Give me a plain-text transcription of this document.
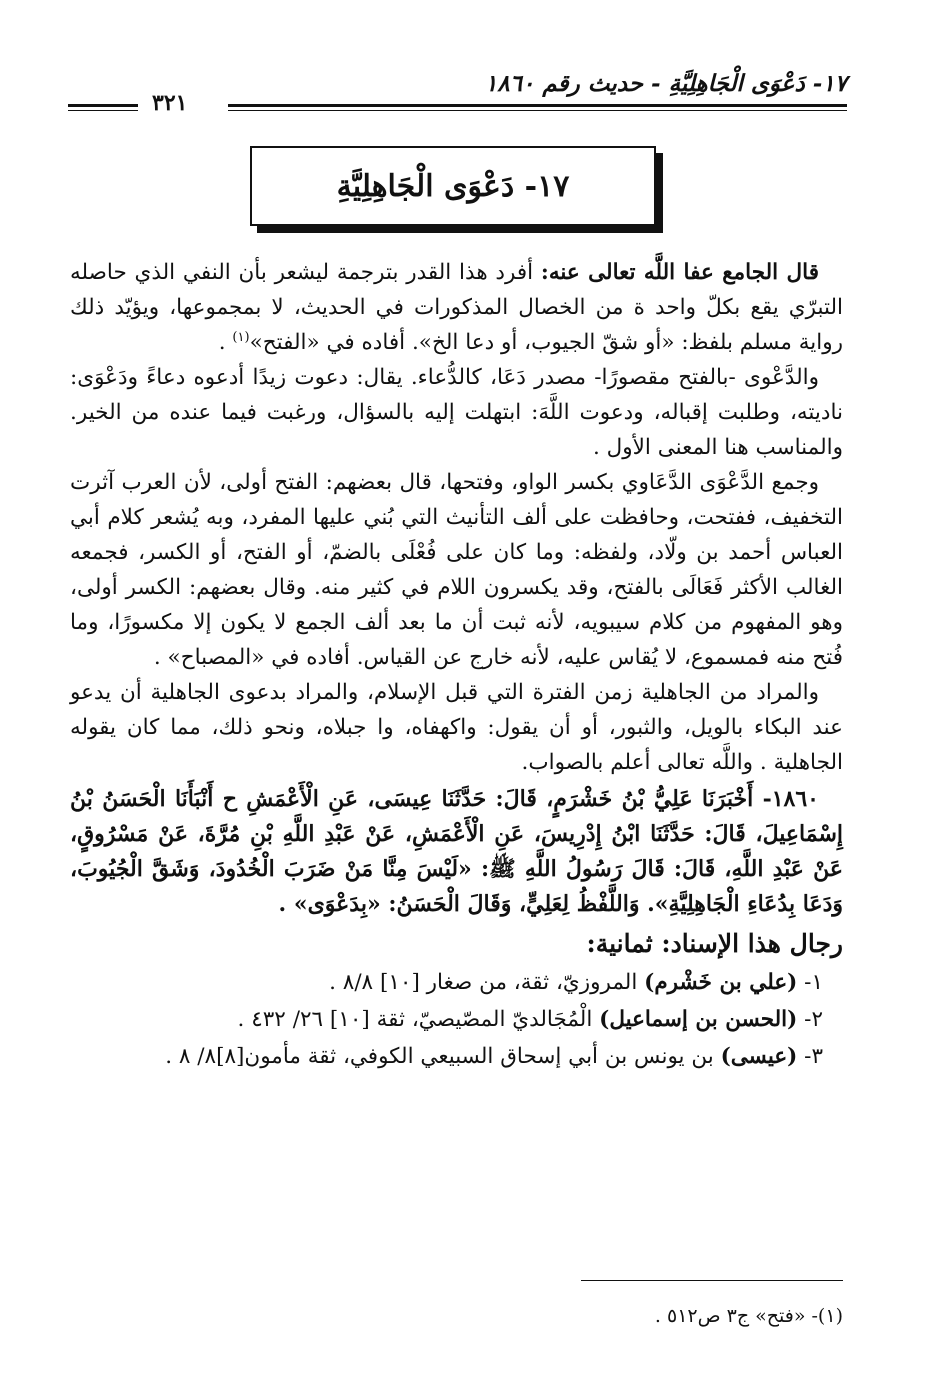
١٧- دَعْوَى الْجَاهِلِيَّةِ - حديث رقم ١٨٦٠
٣٢١
١٧- دَعْوَى الْجَاهِلِيَّةِ

قال الجامع عفا اللَّه تعالى عنه: أفرد هذا القدر بترجمة ليشعر بأن النفي الذي حاصله التبرّي يقع بكلّ واحد ة من الخصال المذكورات في الحديث، لا بمجموعها، ويؤيّد ذلك رواية مسلم بلفظ: «أو شقّ الجيوب، أو دعا الخ». أفاده في «الفتح»$^{(١)}$ .

والدَّعْوى -بالفتح مقصورًا- مصدر دَعَا، كالدُّعاء. يقال: دعوت زيدًا أدعوه دعاءً ودَعْوَى: ناديته، وطلبت إقباله، ودعوت اللَّهَ: ابتهلت إليه بالسؤال، ورغبت فيما عنده من الخير. والمناسب هنا المعنى الأول .

وجمع الدَّعْوَى الدَّعَاوي بكسر الواو، وفتحها، قال بعضهم: الفتح أولى، لأن العرب آثرت التخفيف، ففتحت، وحافظت على ألف التأنيث التي بُني عليها المفرد، وبه يُشعر كلام أبي العباس أحمد بن ولّاد، ولفظه: وما كان على فُعْلَى بالضمّ، أو الفتح، أو الكسر، فجمعه الغالب الأكثر فَعَالَى بالفتح، وقد يكسرون اللام في كثير منه. وقال بعضهم: الكسر أولى، وهو المفهوم من كلام سيبويه، لأنه ثبت أن ما بعد ألف الجمع لا يكون إلا مكسورًا، وما فُتح منه فمسموع، لا يُقاس عليه، لأنه خارج عن القياس. أفاده في «المصباح» .

والمراد من الجاهلية زمن الفترة التي قبل الإسلام، والمراد بدعوى الجاهلية أن يدعو عند البكاء بالويل، والثبور، أو أن يقول: واكهفاه، وا جبلاه، ونحو ذلك، مما كان يقوله الجاهلية . واللَّه تعالى أعلم بالصواب.

١٨٦٠- أَخْبَرَنَا عَلِيُّ بْنُ خَشْرَمٍ، قَالَ: حَدَّثَنَا عِيسَى، عَنِ الْأَعْمَشِ ح أَنْبَأَنَا الْحَسَنُ بْنُ إِسْمَاعِيلَ، قَالَ: حَدَّثَنَا ابْنُ إِدْرِيسَ، عَنِ الْأَعْمَشِ، عَنْ عَبْدِ اللَّهِ بْنِ مُرَّةَ، عَنْ مَسْرُوقٍ، عَنْ عَبْدِ اللَّهِ، قَالَ: قَالَ رَسُولُ اللَّهِ ﷺ: «لَيْسَ مِنَّا مَنْ ضَرَبَ الْخُدُودَ، وَشَقَّ الْجُيُوبَ، وَدَعَا بِدُعَاءِ الْجَاهِلِيَّةِ». وَاللَّفْظُ لِعَلِيٍّ، وَقَالَ الْحَسَنُ: «بِدَعْوَى» .

رجال هذا الإسناد: ثمانية:

١- (علي بن خَشْرم) المروزيّ، ثقة، من صغار [١٠] ٨/٨ .
٢- (الحسن بن إسماعيل) الْمُجَالديّ المصّيصيّ، ثقة [١٠] ٢٦/ ٤٣٢ .
٣- (عيسى) بن يونس بن أبي إسحاق السبيعي الكوفي، ثقة مأمون[٨]٨/ ٨ .
(١)- «فتح» ج٣ ص٥١٢ .
